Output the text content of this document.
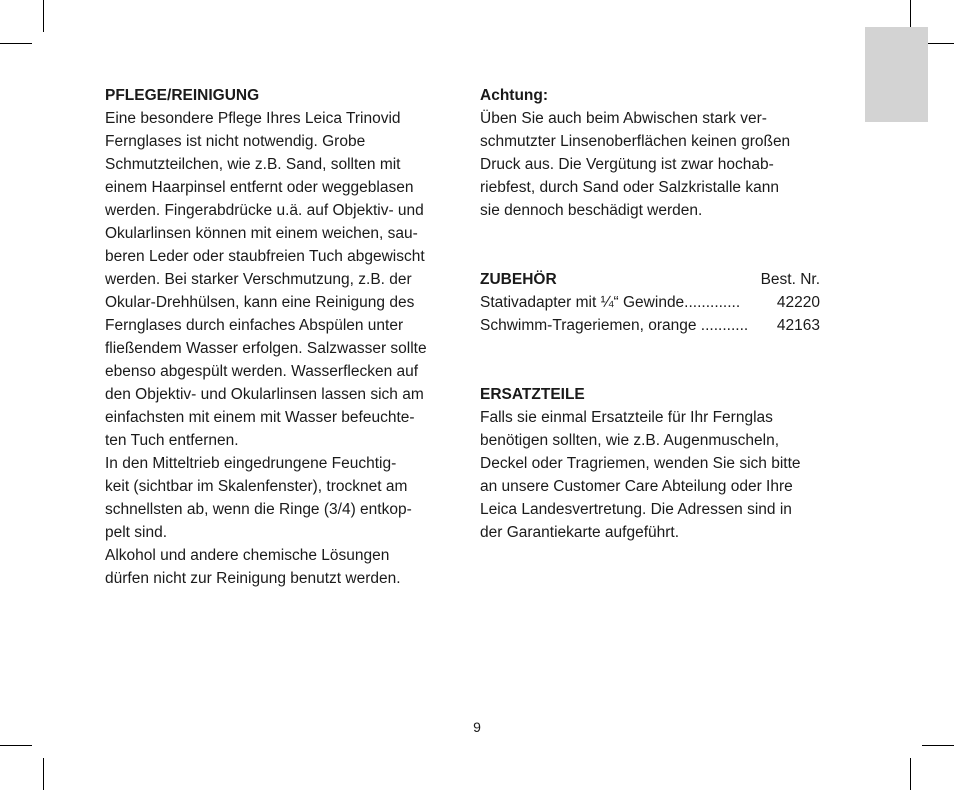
PFLEGE/REINIGUNG
Eine besondere Pflege Ihres Leica Trinovid
Fernglases ist nicht notwendig. Grobe
Schmutzteilchen, wie z.B. Sand, sollten mit
einem Haarpinsel entfernt oder weggeblasen
werden. Fingerabdrücke u.ä. auf Objektiv- und
Okularlinsen können mit einem weichen, sau-
beren Leder oder staubfreien Tuch abgewischt
werden. Bei starker Verschmutzung, z.B. der
Okular-Drehhülsen, kann eine Reinigung des
Fernglases durch einfaches Abspülen unter
fließendem Wasser erfolgen. Salzwasser sollte
ebenso abgespült werden. Wasserflecken auf
den Objektiv- und Okularlinsen lassen sich am
einfachsten mit einem mit Wasser befeuchte-
ten Tuch entfernen.
In den Mitteltrieb eingedrungene Feuchtig-
keit (sichtbar im Skalenfenster), trocknet am
schnellsten ab, wenn die Ringe (3/4) entkop-
pelt sind.
Alkohol und andere chemische Lösungen
dürfen nicht zur Reinigung benutzt werden.
Achtung:
Üben Sie auch beim Abwischen stark ver-
schmutzter Linsenoberflächen keinen großen
Druck aus. Die Vergütung ist zwar hochab-
riebfest, durch Sand oder Salzkristalle kann
sie dennoch beschädigt werden.
ZUBEHÖR	Best. Nr.
Stativadapter mit ¼“ Gewinde............. 42220
Schwimm-Trageriemen, orange ........... 42163
ERSATZTEILE
Falls sie einmal Ersatzteile für Ihr Fernglas
benötigen sollten, wie z.B. Augenmuscheln,
Deckel oder Tragriemen, wenden Sie sich bitte
an unsere Customer Care Abteilung oder Ihre
Leica Landesvertretung. Die Adressen sind in
der Garantiekarte aufgeführt.
9
